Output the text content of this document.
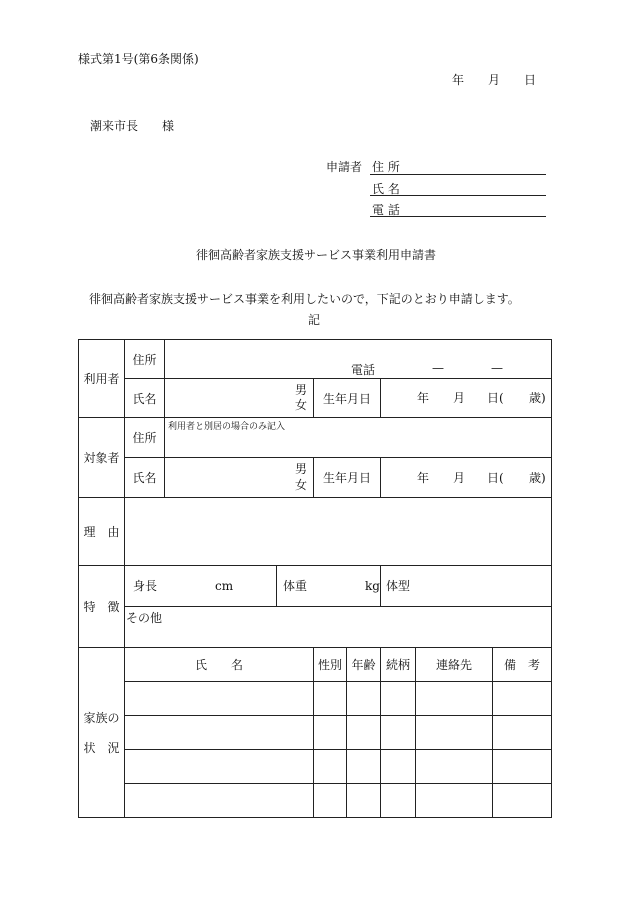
様式第1号(第6条関係)
年 月 日
潮来市長　　様
申請者 住 所
氏 名
電 話
徘徊高齢者家族支援サービス事業利用申請書
徘徊高齢者家族支援サービス事業を利用したいので，下記のとおり申請します。
記
利用者	住所	電話 — —						

	氏名	男
女		生年月日		年 月 日( 歳)		

対象者	住所	利用者と別居の場合のみ記入						

	氏名	男
女		生年月日		年 月 日( 歳)		

理　由								
特　徴	身長 cm		体重 kg			体型		

	その他							

家族の
状　況	氏　　名			性別	年齢	続柄	連絡先	備　考
